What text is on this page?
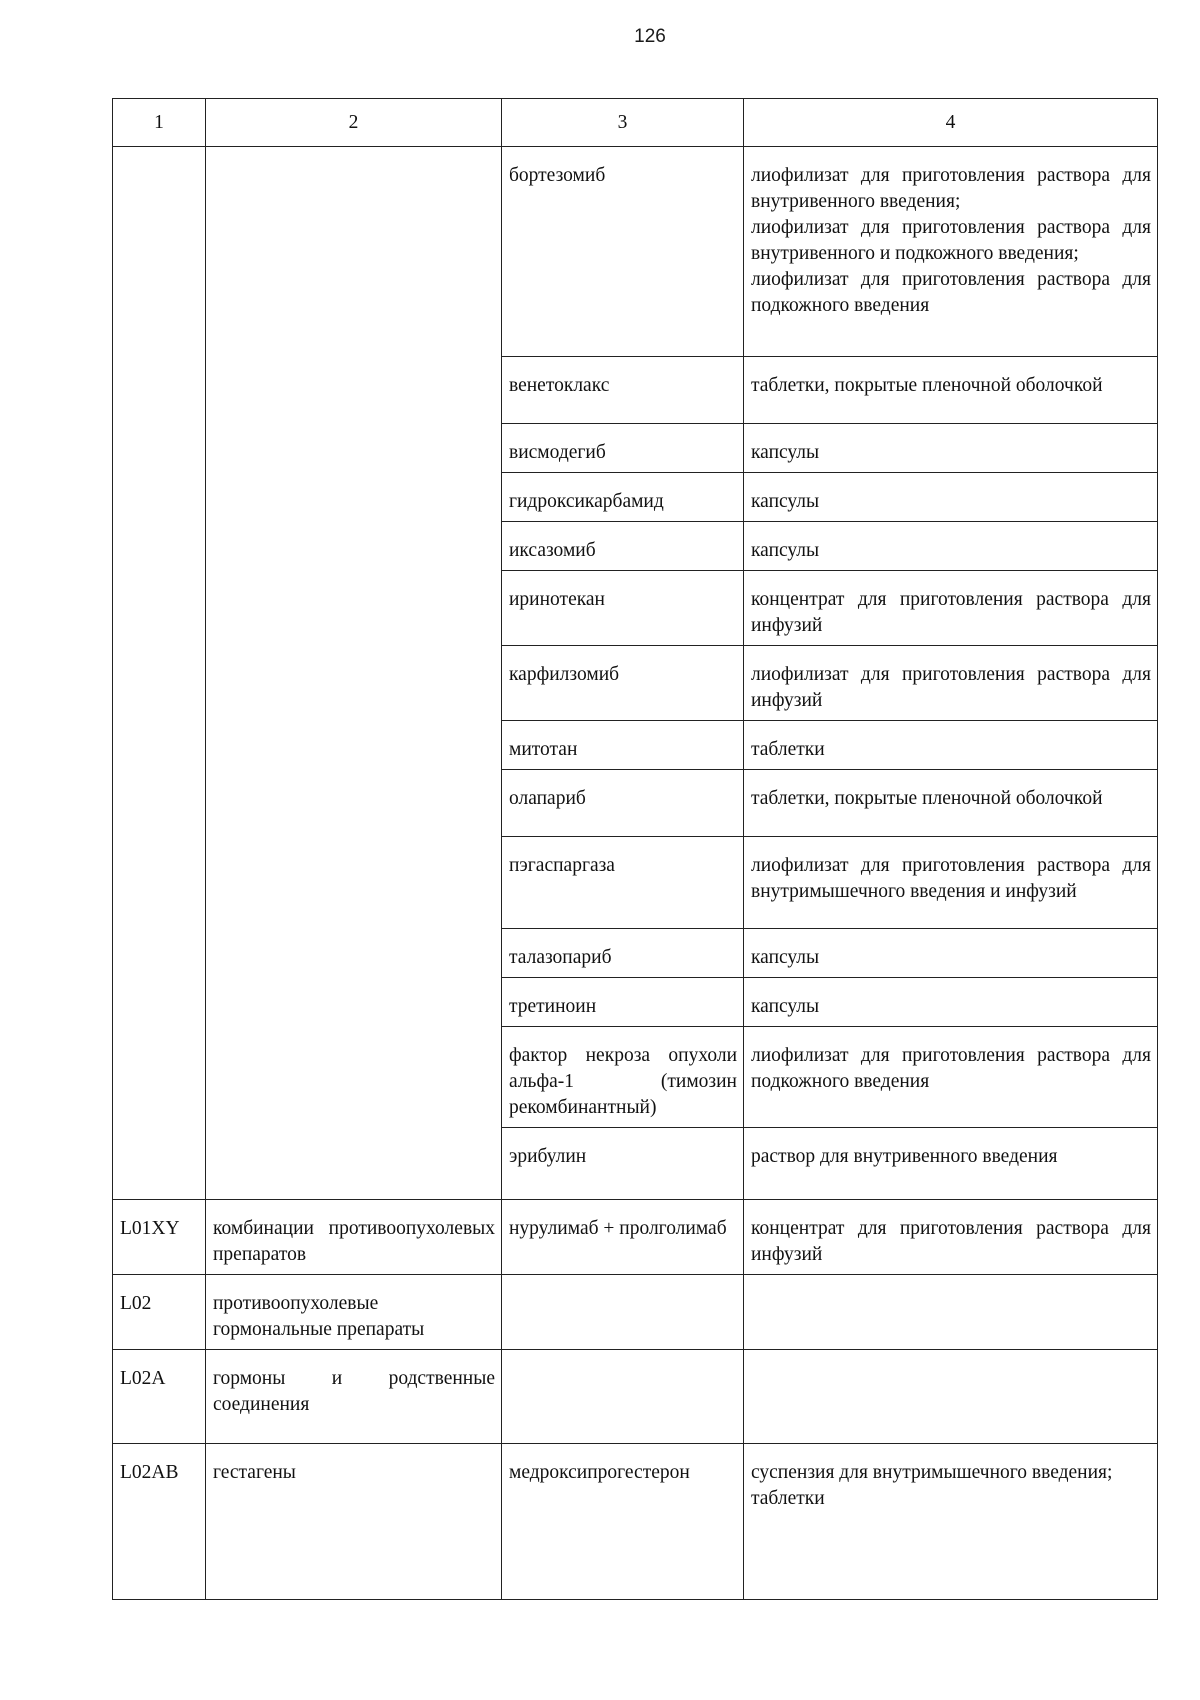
126
1	2	3	4
		бортезомиб	лиофилизат для приготовления раствора для внутривенного введения;
лиофилизат для приготовления раствора для внутривенного и подкожного введения;
лиофилизат для приготовления раствора для подкожного введения
		венетоклакс	таблетки, покрытые пленочной оболочкой
		висмодегиб	капсулы
		гидроксикарбамид	капсулы
		иксазомиб	капсулы
		иринотекан	концентрат для приготовления раствора для инфузий
		карфилзомиб	лиофилизат для приготовления раствора для инфузий
		митотан	таблетки
		олапариб	таблетки, покрытые пленочной оболочкой
		пэгаспаргаза	лиофилизат для приготовления раствора для внутримышечного введения и инфузий
		талазопариб	капсулы
		третиноин	капсулы
		фактор некроза опухоли альфа-1 (тимозин рекомбинантный)	лиофилизат для приготовления раствора для подкожного введения
		эрибулин	раствор для внутривенного введения
L01XY	комбинации противоопухолевых препаратов	нурулимаб + пролголимаб	концентрат для приготовления раствора для инфузий
L02	противоопухолевые гормональные препараты		
L02A	гормоны и родственные соединения		
L02AB	гестагены	медроксипрогестерон	суспензия для внутримышечного введения;
таблетки
